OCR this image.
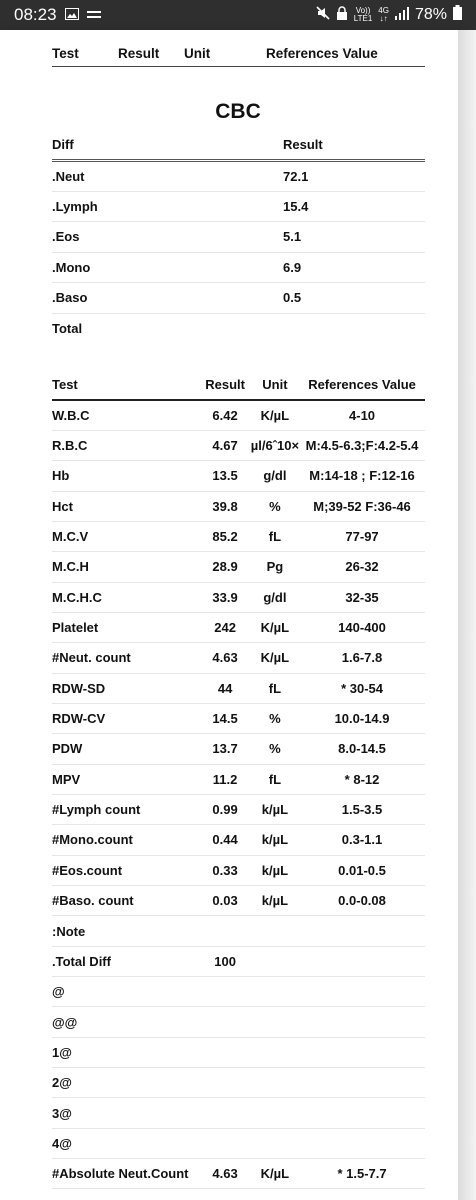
08:23	Vo))
LTE1
4G
↓↑ 78%
Test	Result Unit	References Value
CBC
Diff	Result
.Neut	72.1
.Lymph	15.4
.Eos	5.1
.Mono	6.9
.Baso	0.5
Total	
Test	Result	Unit	References Value
W.B.C	6.42	K/µL	4-10
R.B.C	4.67	µl/6ˆ10×	M:4.5-6.3;F:4.2-5.4
Hb	13.5	g/dl	M:14-18 ; F:12-16
Hct	39.8	%	M;39-52 F:36-46
M.C.V	85.2	fL	77-97
M.C.H	28.9	Pg	26-32
M.C.H.C	33.9	g/dl	32-35
Platelet	242	K/µL	140-400
#Neut. count	4.63	K/µL	1.6-7.8
RDW-SD	44	fL	* 30-54
RDW-CV	14.5	%	10.0-14.9
PDW	13.7	%	8.0-14.5
MPV	11.2	fL	* 8-12
#Lymph count	0.99	k/µL	1.5-3.5
#Mono.count	0.44	k/µL	0.3-1.1
#Eos.count	0.33	k/µL	0.01-0.5
#Baso. count	0.03	k/µL	0.0-0.08
:Note			
.Total Diff	100		
@			
@@			
1@			
2@			
3@			
4@			
#Absolute Neut.Count	4.63	K/µL	* 1.5-7.7
